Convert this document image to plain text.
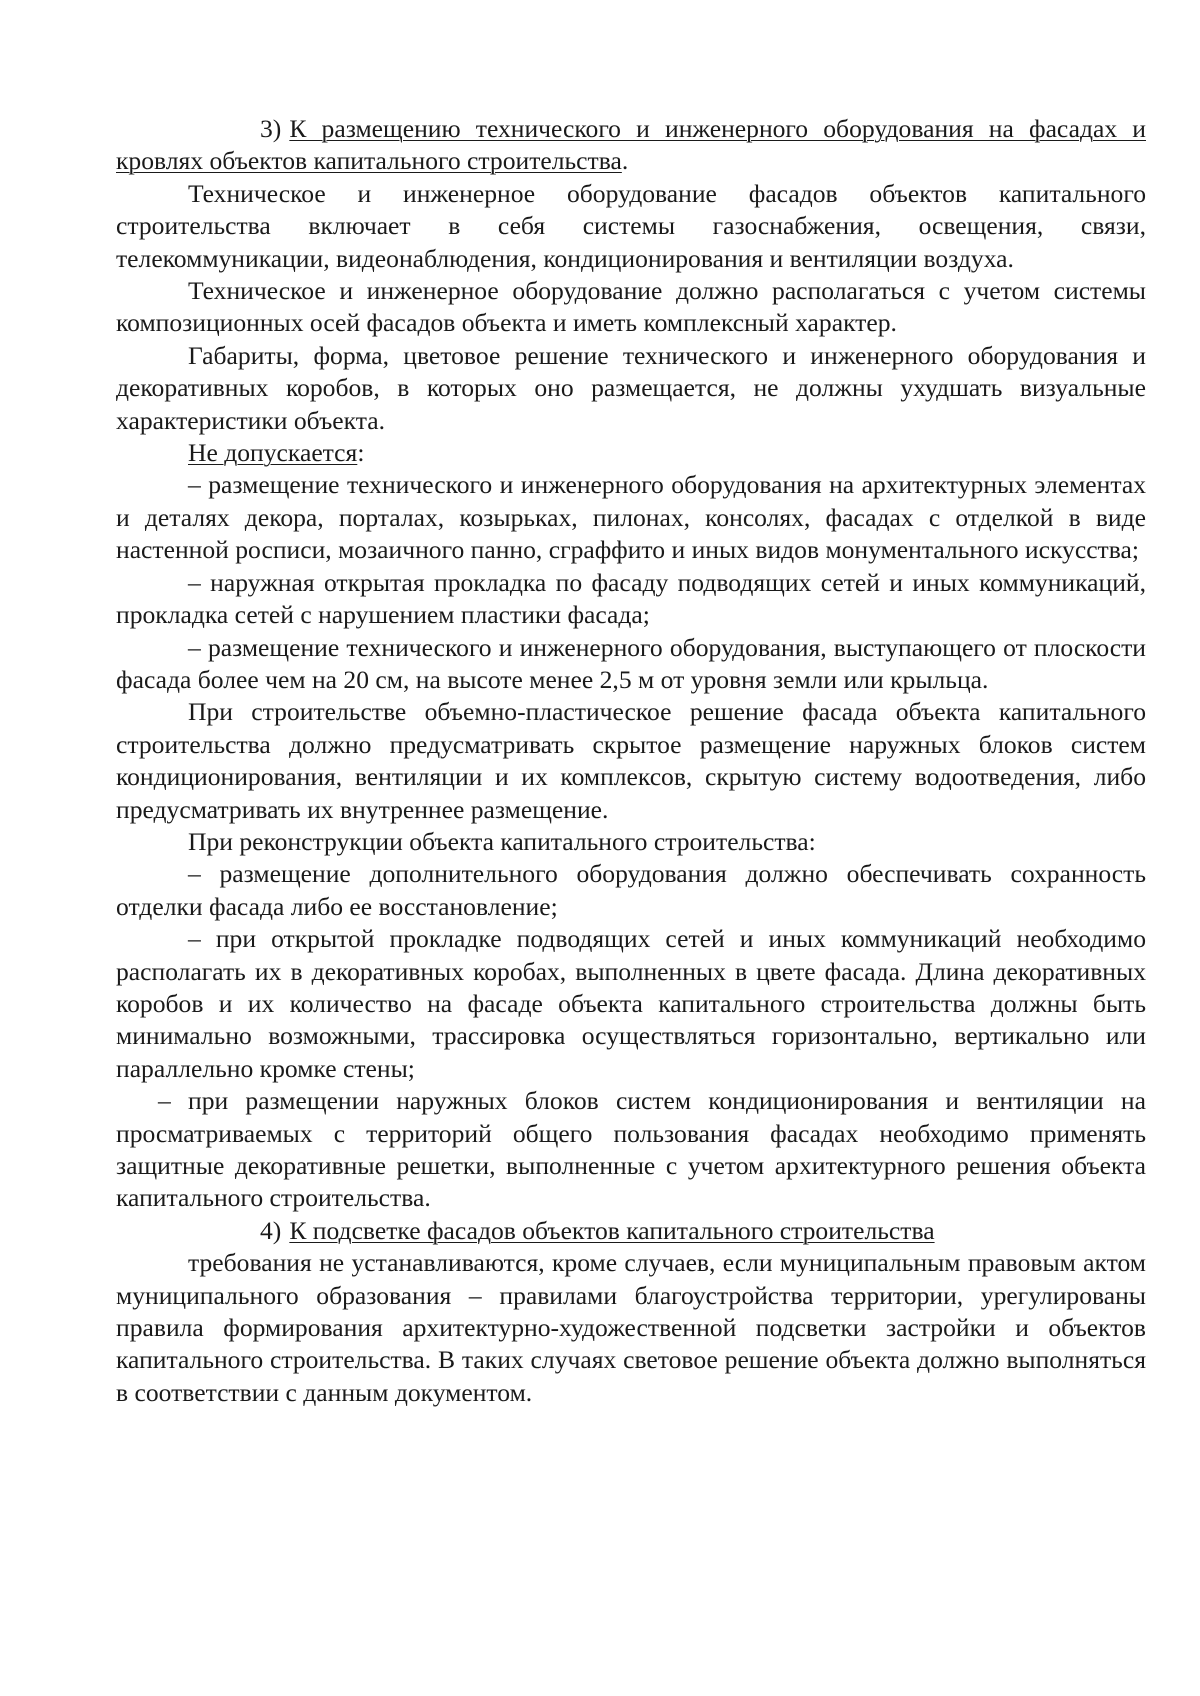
3) К размещению технического и инженерного оборудования на фасадах и кровлях объектов капитального строительства.

Техническое и инженерное оборудование фасадов объектов капитального строительства включает в себя системы газоснабжения, освещения, связи, телекоммуникации, видеонаблюдения, кондиционирования и вентиляции воздуха.

Техническое и инженерное оборудование должно располагаться с учетом системы композиционных осей фасадов объекта и иметь комплексный характер.

Габариты, форма, цветовое решение технического и инженерного оборудования и декоративных коробов, в которых оно размещается, не должны ухудшать визуальные характеристики объекта.

Не допускается:

– размещение технического и инженерного оборудования на архитектурных элементах и деталях декора, порталах, козырьках, пилонах, консолях, фасадах с отделкой в виде настенной росписи, мозаичного панно, сграффито и иных видов монументального искусства;

– наружная открытая прокладка по фасаду подводящих сетей и иных коммуникаций, прокладка сетей с нарушением пластики фасада;

– размещение технического и инженерного оборудования, выступающего от плоскости фасада более чем на 20 см, на высоте менее 2,5 м от уровня земли или крыльца.

При строительстве объемно-пластическое решение фасада объекта капитального строительства должно предусматривать скрытое размещение наружных блоков систем кондиционирования, вентиляции и их комплексов, скрытую систему водоотведения, либо предусматривать их внутреннее размещение.

При реконструкции объекта капитального строительства:

– размещение дополнительного оборудования должно обеспечивать сохранность отделки фасада либо ее восстановление;

– при открытой прокладке подводящих сетей и иных коммуникаций необходимо располагать их в декоративных коробах, выполненных в цвете фасада. Длина декоративных коробов и их количество на фасаде объекта капитального строительства должны быть минимально возможными, трассировка осуществляться горизонтально, вертикально или параллельно кромке стены;

– при размещении наружных блоков систем кондиционирования и вентиляции на просматриваемых с территорий общего пользования фасадах необходимо применять защитные декоративные решетки, выполненные с учетом архитектурного решения объекта капитального строительства.

4) К подсветке фасадов объектов капитального строительства

требования не устанавливаются, кроме случаев, если муниципальным правовым актом муниципального образования – правилами благоустройства территории, урегулированы правила формирования архитектурно-художественной подсветки застройки и объектов капитального строительства. В таких случаях световое решение объекта должно выполняться в соответствии с данным документом.
